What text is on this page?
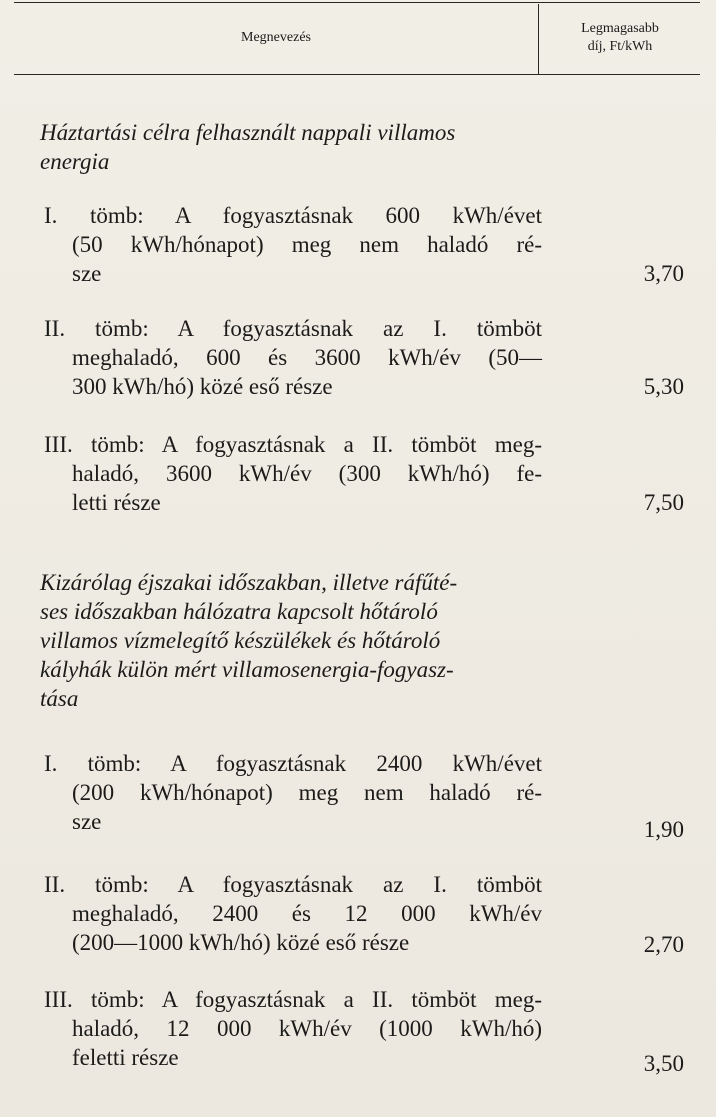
Megnevezés
Legmagasabb
díj, Ft/kWh
Háztartási célra felhasznált nappali villamos
energia
I. tömb: A fogyasztásnak 600 kWh/évet
(50 kWh/hónapot) meg nem haladó ré-
sze	3,70
II. tömb: A fogyasztásnak az I. tömböt
meghaladó, 600 és 3600 kWh/év (50—
300 kWh/hó) közé eső része	5,30
III. tömb: A fogyasztásnak a II. tömböt meg-
haladó, 3600 kWh/év (300 kWh/hó) fe-
letti része	7,50
Kizárólag éjszakai időszakban, illetve ráfűté-
ses időszakban hálózatra kapcsolt hőtároló
villamos vízmelegítő készülékek és hőtároló
kályhák külön mért villamosenergia-fogyasz-
tása
I. tömb: A fogyasztásnak 2400 kWh/évet
(200 kWh/hónapot) meg nem haladó ré-
sze	1,90
II. tömb: A fogyasztásnak az I. tömböt
meghaladó, 2400 és 12 000 kWh/év
(200—1000 kWh/hó) közé eső része	2,70
III. tömb: A fogyasztásnak a II. tömböt meg-
haladó, 12 000 kWh/év (1000 kWh/hó)
feletti része	3,50
